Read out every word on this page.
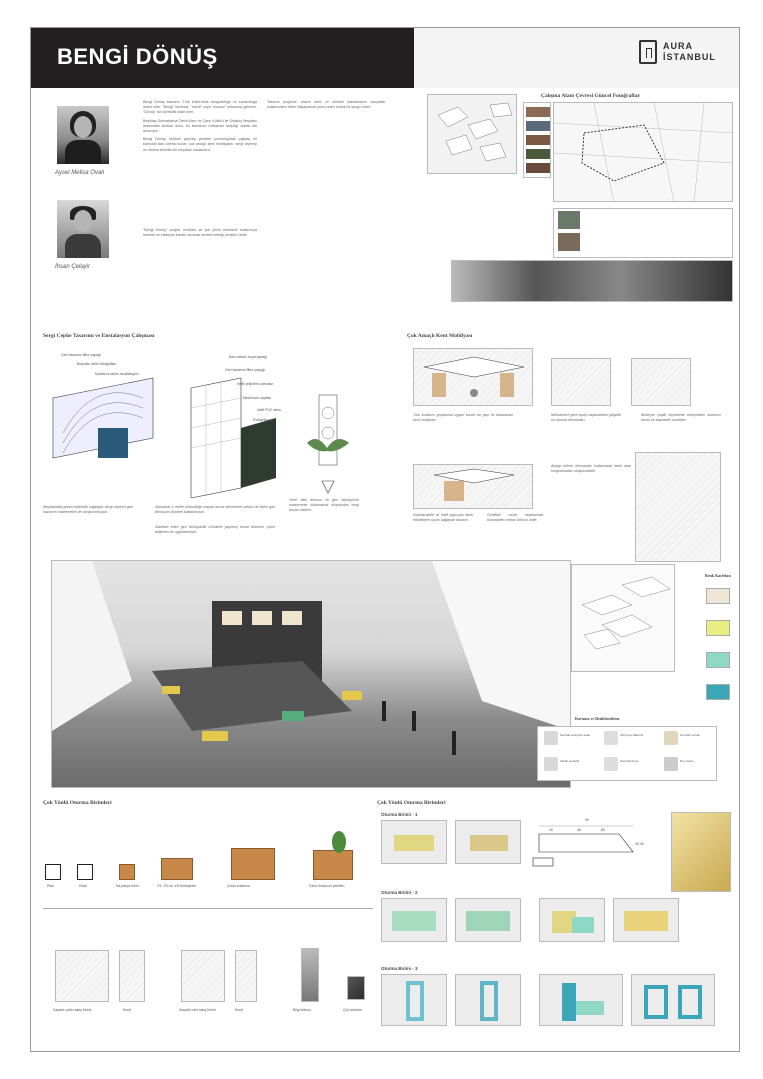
BENGİ DÖNÜŞ	AURA
İSTANBUL
Aysel Melisa Ovalı
İhsan Çelayir

Bengi Dönüş kavramı; Türk kültüründe dongusellige ve sonsuzluga isaret eder. "Bengi" kelimesi, "ebedi" veya "sonsuz" anlamına gelirken, "Dönüş" ise süreklilik ifade eder.

Beşiktaş Dolmabahçe Tarihi Alanı ve Çarşı Kültürü ile Ortaköy Meydanı arasındaki kentsel doku, bu kavramın mekansal karşılığı olarak ele alınmıştır.

Bengi Dönüş, kültürel geçmişi yeniden yorumlayarak çağdaş bir kamusal alan önerisi sunar; çok amaçlı kent mobilyaları, sergi cephesi ve oturma birimleri ile meydanı canlandırır.

"Bengi Dönüş" projesi, modüler ve çok yönlü birimlerle kullanıcıya hareket ve etkileşim imkanı sunarak kentsel belleği yeniden üretir.

Tasarım projemiz, alanın tarihi ve kültürel katmanlarını okuyarak kullanıcıların farklı ihtiyaçlarına yanıt veren esnek bir kurgu önerir.

Çalışma Alanı Çevresi Güncel Fotoğraflar
Sergi Cephe Tasarımı ve Enstalasyon Çalışması
Geri kazanım filtre çapağı
Boşluklu tarihi fotoğrafları
Mukavva kartın modülasyon
Boru tabanı boya çapağı
Geri kazanım filtre çapağı
Hafif çelik/ferro armatür
Metal kutu sayfası
Hafif PVC streç
Polikarbonat
Meydandaki görsel bütünlük sağlayan sergi cephesi geri kazanım malzemeleri ile oluşturulmuştur.
Zamanlar 4 metre yüksekliğe ulaşan duvar birimlerinin arkası ile farklı geri dönüşüm ürünleri kullanılmıştır.
Stabilize eden geri dönüşümlü ürünlerle yapılmış kenar birimleri, çizim değerleri ile uygulanmıştır.
Yerel bitki dokusu ve geri dönüşümlü malzemeler kullanılarak oluşturulan sergi duvarı sistemi.
Çok Amaçlı Kent Mobilyası
Tüm kullanıcı gruplarına uygun esnek bir yapı ile tasarlanan kent mobilyası.
Mevsimlere göre açılıp kapanabilen gölgelik ve oturma elemanları.
Birbiriyle çeşitli biçimlerde birleşebilen kullanım dostu ve taşınabilir modüller.
Depolanabilir ve hafif yapısıyla farklı etkinliklere uyum sağlayan tasarım.
Özellikle müze alanlarında kurulabilen mekan bölücü ünite.
Ahşap bölme elemanları kullanılarak farklı alan kurgulamaları oluşturulabilir.
Renk Kartelası
Koruma ve Renklendirme
Sonraki Gökyüzü astar	Filli boya silikonlu	Su bazlı vernik
Akrilik sentetik	Sentetik boya	Dış cephe
Çok Yönlü Oturma Birimleri
Plan	Kesit	Tek parça birim	2'li, 3'lü ve 4'lü birleşimler	Çoklu kullanım	Farklı kullanım şekilleri
Saçaklı çoklu satış birimi	Kesit	Saçaklı mini satış birimi	Kesit	Bilgi sütunu	Çöp kutuları
Çok Yönlü Oturma Birimleri
Oturma Birimi - 1
90
40	45	80
40 40
Oturma Birimi - 2
Oturma Birimi - 3
